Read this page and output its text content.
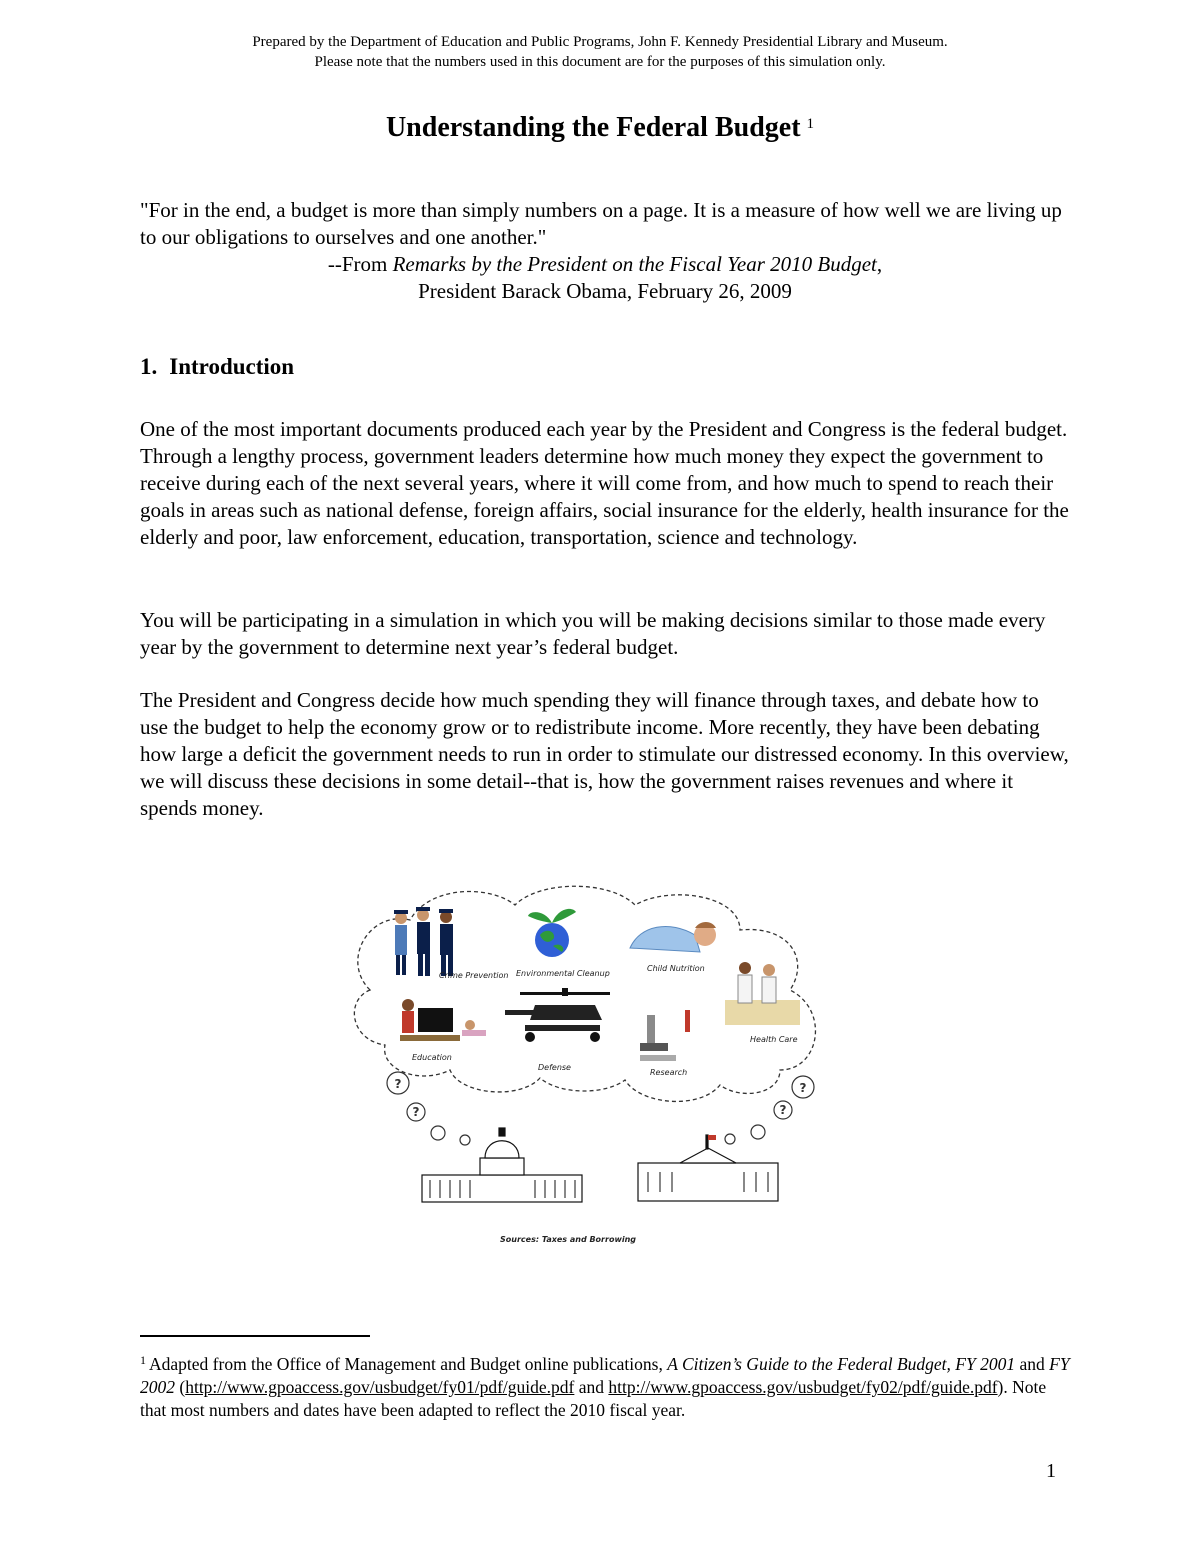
Prepared by the Department of Education and Public Programs, John F. Kennedy Presidential Library and Museum.
Please note that the numbers used in this document are for the purposes of this simulation only.
Understanding the Federal Budget $^1$
"For in the end, a budget is more than simply numbers on a page. It is a measure of how well we are living up to our obligations to ourselves and one another."
--From Remarks by the President on the Fiscal Year 2010 Budget,
President Barack Obama, February 26, 2009
1. Introduction
One of the most important documents produced each year by the President and Congress is the federal budget. Through a lengthy process, government leaders determine how much money they expect the government to receive during each of the next several years, where it will come from, and how much to spend to reach their goals in areas such as national defense, foreign affairs, social insurance for the elderly, health insurance for the elderly and poor, law enforcement, education, transportation, science and technology.
You will be participating in a simulation in which you will be making decisions similar to those made every year by the government to determine next year’s federal budget.
The President and Congress decide how much spending they will finance through taxes, and debate how to use the budget to help the economy grow or to redistribute income. More recently, they have been debating how large a deficit the government needs to run in order to stimulate our distressed economy. In this overview, we will discuss these decisions in some detail--that is, how the government raises revenues and where it spends money.
?
?
?
?
Crime Prevention Environmental Cleanup
Child Nutrition
Health Care
Education
Defense
Research
Sources: Taxes and Borrowing
$^1$ Adapted from the Office of Management and Budget online publications, A Citizen’s Guide to the Federal Budget, FY 2001 and FY 2002 (http://www.gpoaccess.gov/usbudget/fy01/pdf/guide.pdf and http://www.gpoaccess.gov/usbudget/fy02/pdf/guide.pdf). Note that most numbers and dates have been adapted to reflect the 2010 fiscal year.
1
